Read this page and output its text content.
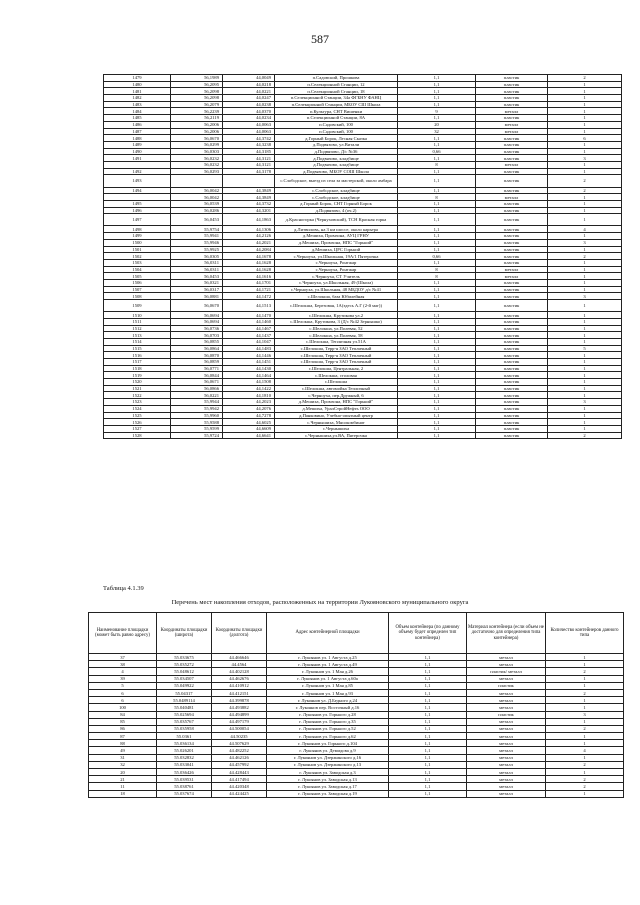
587
1479	56,1989	44,0049	п.Садовский, Прошкова	1,1	пластик	2
1480	56,2095	44,0218	п.Селекционной Станции, 12	1,1	пластик	1
1481	56,2098	44,0221	п.Селекционной Станции, 18	1,1	пластик	1
1482	56,2098	44,0247	п.Селекционной Станции, 34а ФГБНУ ФАНЦ	1,1	пластик	1
1483	56,2079	44,0238	п.Селекционной Станции, МБОУ СШ Школа	1,1	пластик	1
1484	56,2239	44,0370	п.Культура, СНТ Вишенки	9	металл	1
1485	56,2119	44,0234	п.Селекционной Станции, 8А	1,1	пластик	1
1486	56,2006	44,0063	п.Садовский, 100	20	металл	1
1487	56,2006	44,0063	п.Садовский, 100	32	металл	1
1488	56,0670	44,3742	д.Горный Борок, Лесная Сказка	1,1	пластик	6
1489	56,0299	44,3238	д.Подвязово, ул.Витали	1,1	пластик	1
1490	56,0303	44,3185	д.Подвязово, Д/с №36	0,66	пластик	1
1491	56,0232	44,3121	д.Подвязово, кладбище	1,1	пластик	3
	56,0232	44,3121	д.Подвязово, кладбище	8	металл	1
1492	56,0293	44,3178	д.Подвязово, МБОУ СОШ Школа	1,1	пластик	1
1493			с.Слободское, выезд из села за мастерской, около амбара	1,1	пластик	2
1494	56,0042	44,3849	с.Слободское, кладбище	1,1	пластик	2
	56,0042	44,3849	с.Слободское, кладбище	8	металл	1
1495	56,0539	44,3732	д.Горный Борок, СНТ Горный Борок	1,1	пластик	1
1496	56,0286	44,3201	д.Подвязово, 4 (оч.2)	1,1	пластик	1
1497	56,0453	44,1863	д.Красногорка (Чернуховский), ТСН Красная горка	1,1	пластик	1
1498	55,9754	44,1306	д.Литвиловь, на 3 км шоссе, около карьера	1,1	пластик	4
1499	55,9941	44,2126	д.Мешиха, Промзона, АУЦ ГРНУ	1,1	пластик	1
1500	55,9946	44,2021	д.Мешиха, Промзона, НПС "Горький"	1,1	пластик	3
1501	55,9925	44,2084	д.Мешиха, ЦРС Горький	1,1	пластик	1
1502	56,0305	44,1678	с.Черноуха, ул.Школьная, 19А/1 Пятерочка	0,66	пластик	2
1503	56,0311	44,1628	с.Черноуха, Ронтжар	1,1	пластик	1
1504	56,0311	44,1628	с.Черноуха, Ронтжар	8	металл	1
1505	56,0453	44,1616	с.Черноуха, СТ Учитель	8	металл	1
1506	56,0321	44,1701	с.Черноуха, ул.Школьная, 49 (Школа)	1,1	пластик	1
1507	56,0317	44,1721	с.Черноуха, ул.Школьная, 48 МБДОУ д/с №41	1,1	пластик	1
1508	56,0881	44,1472	с.Шелокша, база Юбилейная	1,1	пластик	3
1509	56,0670	44,1513	с.Шелокша, Березовая, 1А(здесь А.Г (2-й маг))	1,1	пластик	1
1510	56,0694	44,1470	с.Шелокша, Крутикова ул.2	1,1	пластик	1
1511	56,0694	44,1460	с.Шелокша, Крутикова, 3 (Д/с №42 Зернышко)	1,1	пластик	1
1512	56,0736	44,1467	с.Шелокша, ул.Полевая, 52	1,1	пластик	1
1513	56,0703	44,1437	с.Шелокша, ул.Полевая, 58	1,1	пластик	1
1514	56,0855	44,1047	с.Шелокша, Тепличная ул.51А	1,1	пластик	1
1515	56,0864	44,1483	с.Шелокша, Терр-я ЗАО Тепличный	1,1	пластик	5
1516	56,0870	44,1446	с.Шелокша, Терр-я ЗАО Тепличный	1,1	пластик	1
1517	56,0859	44,1451	с.Шелокша, Терр-я ЗАО Тепличный	1,1	пластик	1
1518	56,0771	44,1430	с.Шелокша, Центральная, 2	1,1	пластик	1
1519	56,0844	44,1464	с.Шелокша, столовая	1,1	пластик	1
1520	56,0671	44,1508	с.Шелокша	1,1	пластик	1
1521	56,0866	44,1422	с.Шелокша, автомойка Тепличный	1,1	пластик	1
1522	56,0221	44,1810	с.Черноуха, пер.Дружный, 6	1,1	пластик	1
1523	55,9944	44,2023	д.Мешиха, Промзона, НПС "Горький"	1,1	пластик	3
1524	55,9942	44,2076	д.Мешиха, УралСтройНефть ООО	1,1	пластик	1
1525	55,9960	44,7278	д.Панковино, Учебно-опытный центр	1,1	пластик	1
1526	55,9588	44,6025	с.Чернышиха, Мясокомбинат	1,1	пластик	1
1527	55,9599	44,6609	с.Чернышиха	1,1	пластик	1
1528	55,9724	44,6641	с.Чернышиха,ул.ВА, Пятерочка	1,1	пластик	2
Таблица 4.1.39
Перечень мест накопления отходов, расположенных на территории Лукояновского муниципального округа
Наименование площадки (может быть равно адресу)	Координаты площадки (широта)	Координаты площадки (долгота)	Адрес контейнерной площадки	Объем контейнера (по данному объему будет определен тип контейнера)	Материал контейнера (если объем не достаточно для определения типа контейнера)	Количество контейнеров данного типа
37	55.033675	44.466646	г. Лукоянов ул. 1 Августа д.25	1,1	металл	1
38	55.035272	44.4564	г. Лукоянов ул. 1 Августа д.49	1,1	металл	1
4	55.048612	44.402128	г. Лукоянов ул. 1 Мая д.26	1,1	пластик/ металл	2
39	55.034507	44.462676	г. Лукоянов ул. 1 Августа д.60а	1,1	металл	1
5	55.049922	44.410912	г. Лукоянов ул. 1 Мая д.85	1,1	пластик	1
6	55.04317	44.412151	г. Лукоянов ул. 1 Мая д.93	1,1	металл	2
6	55.0489114	44.399878	г. Лукоянов ул. Д.Бедного д.24	1,1	металл	1
100	55.040481	44.493882	г. Лукоянов пер. Восточный д.16	1,1	металл	1
84	55.025694	44.494899	г. Лукоянов ул. Горького д.28	1,1	пластик	3
85	55.035767	44.497179	г. Лукоянов ул. Горького д.35	1,1	металл	1
86	55.035958	44.500054	г. Лукоянов ул. Горького д.52	1,1	металл	2
87	55.0361	44.50235	г. Лукоянов ул. Горького д.62	1,1	металл	1
88	55.036134	44.507629	г. Лукоянов ул. Горького д.104	1,1	металл	1
49	55.026201	44.482252	г. Лукоянов ул. Демидова д.9	1,1	металл	4
31	55.032832	44.462126	г. Лукоянов ул. Дзержинского д.16	1,1	металл	1
32	55.033041	44.457992	г. Лукоянов ул. Дзержинского д.13	1,1	металл	2
20	55.036426	44.428443	г. Лукоянов ул. Заводская д.3	1,1	металл	1
21	55.039531	44.417494	г. Лукоянов ул. Заводская д.13	1,1	металл	2
11	55.038761	44.420348	г. Лукоянов ул. Заводская д.17	1,1	металл	2
18	55.037674	44.424425	г. Лукоянов ул. Заводская д.19	1,1	металл	1
